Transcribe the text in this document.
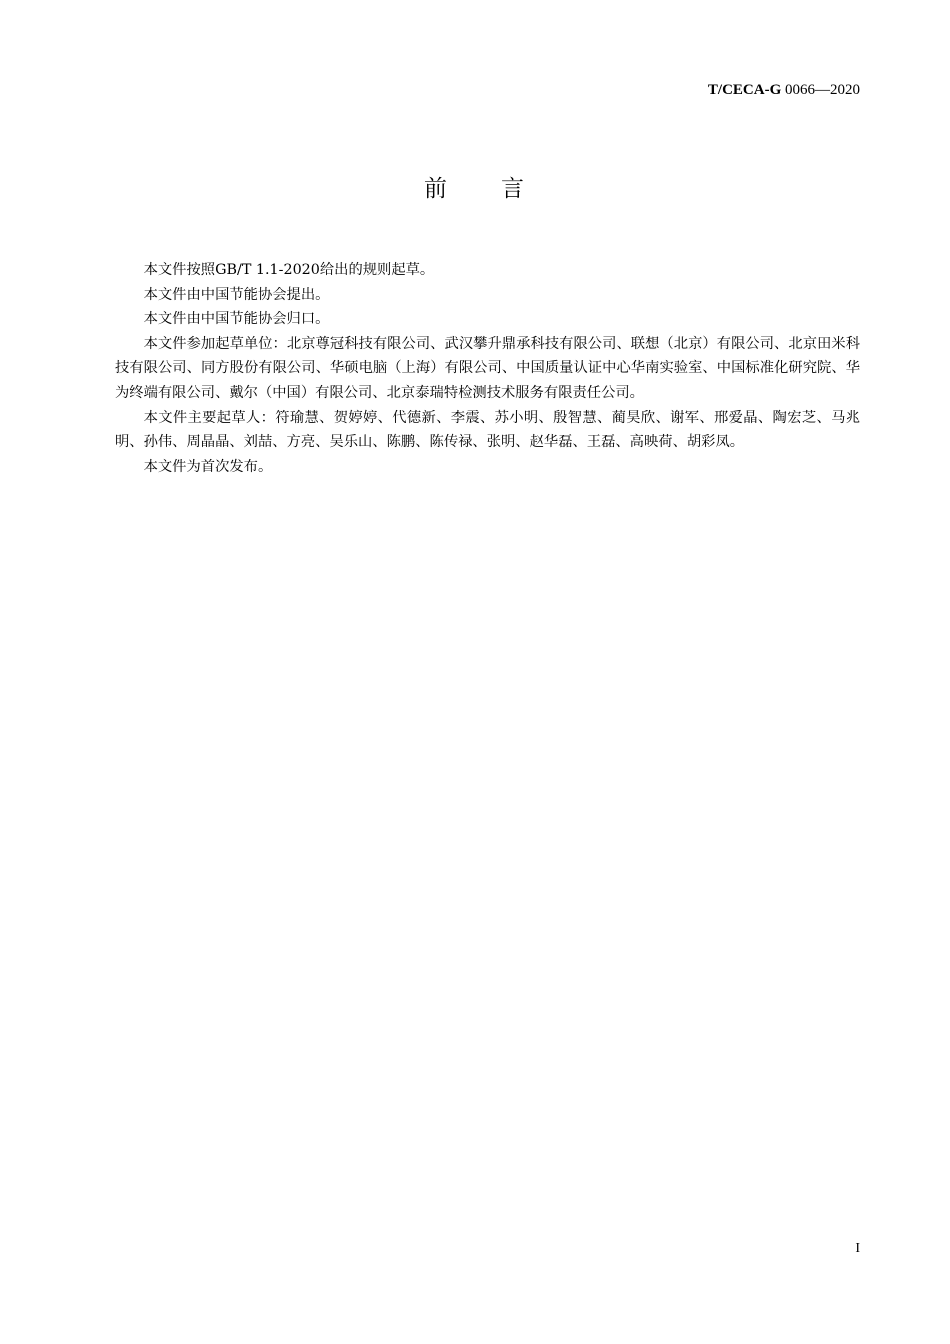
T/CECA-G 0066—2020
前 言

本文件按照GB/T 1.1-2020给出的规则起草。

本文件由中国节能协会提出。

本文件由中国节能协会归口。

本文件参加起草单位：北京尊冠科技有限公司、武汉攀升鼎承科技有限公司、联想（北京）有限公司、北京田米科技有限公司、同方股份有限公司、华硕电脑（上海）有限公司、中国质量认证中心华南实验室、中国标准化研究院、华为终端有限公司、戴尔（中国）有限公司、北京泰瑞特检测技术服务有限责任公司。

本文件主要起草人：符瑜慧、贺婷婷、代德新、李震、苏小明、殷智慧、蔺昊欣、谢军、邢爱晶、陶宏芝、马兆明、孙伟、周晶晶、刘喆、方亮、吴乐山、陈鹏、陈传禄、张明、赵华磊、王磊、高映荷、胡彩凤。

本文件为首次发布。

I
